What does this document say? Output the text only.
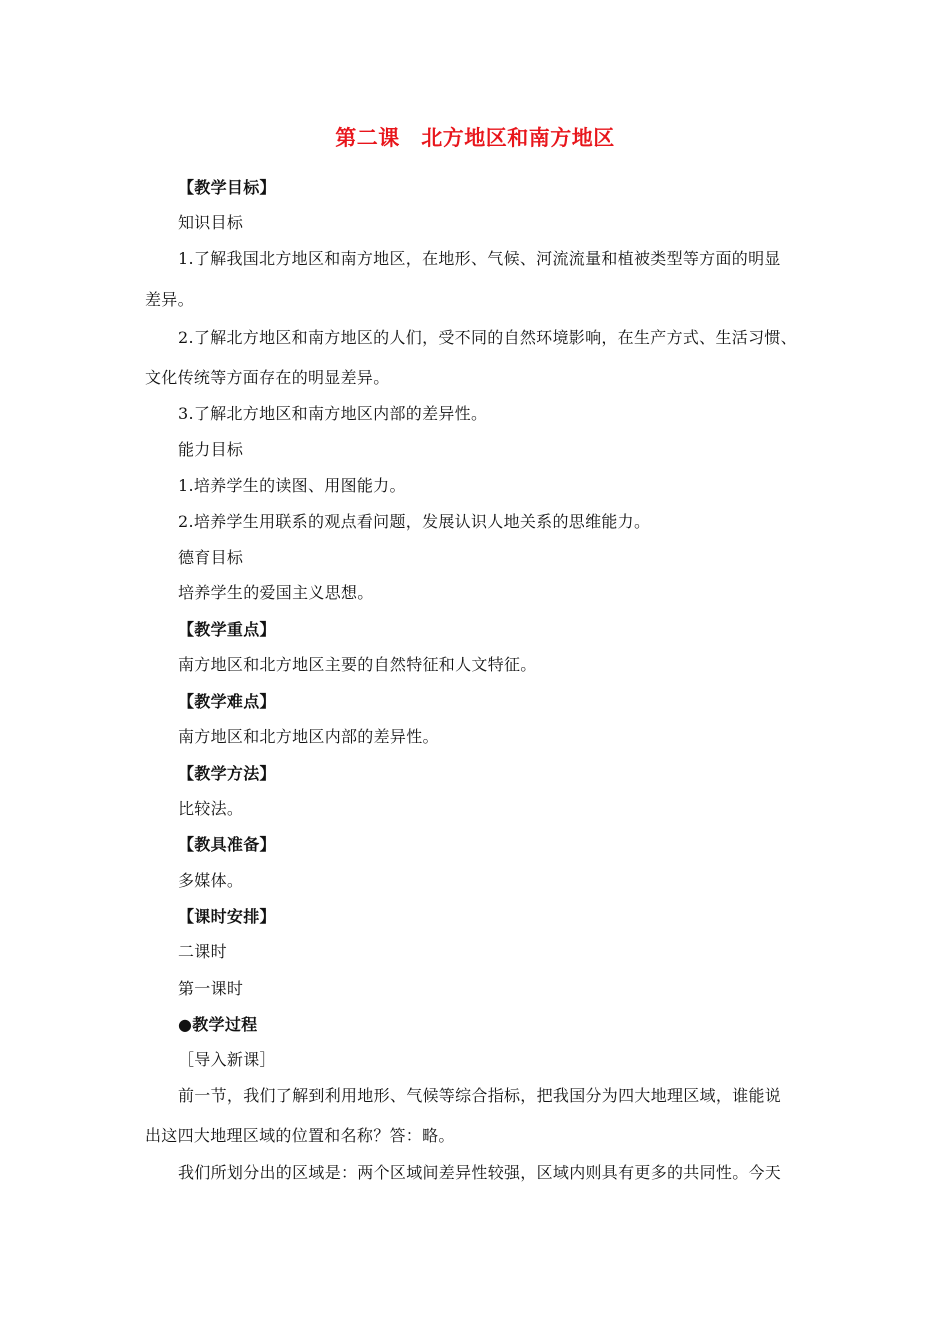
第二课　北方地区和南方地区
【教学目标】
知识目标
1.了解我国北方地区和南方地区，在地形、气候、河流流量和植被类型等方面的明显
差异。
2.了解北方地区和南方地区的人们，受不同的自然环境影响，在生产方式、生活习惯、
文化传统等方面存在的明显差异。
3.了解北方地区和南方地区内部的差异性。
能力目标
1.培养学生的读图、用图能力。
2.培养学生用联系的观点看问题，发展认识人地关系的思维能力。
德育目标
培养学生的爱国主义思想。
【教学重点】
南方地区和北方地区主要的自然特征和人文特征。
【教学难点】
南方地区和北方地区内部的差异性。
【教学方法】
比较法。
【教具准备】
多媒体。
【课时安排】
二课时
第一课时
●教学过程
［导入新课］
前一节，我们了解到利用地形、气候等综合指标，把我国分为四大地理区域，谁能说
出这四大地理区域的位置和名称？答：略。
我们所划分出的区域是：两个区域间差异性较强，区域内则具有更多的共同性。今天
